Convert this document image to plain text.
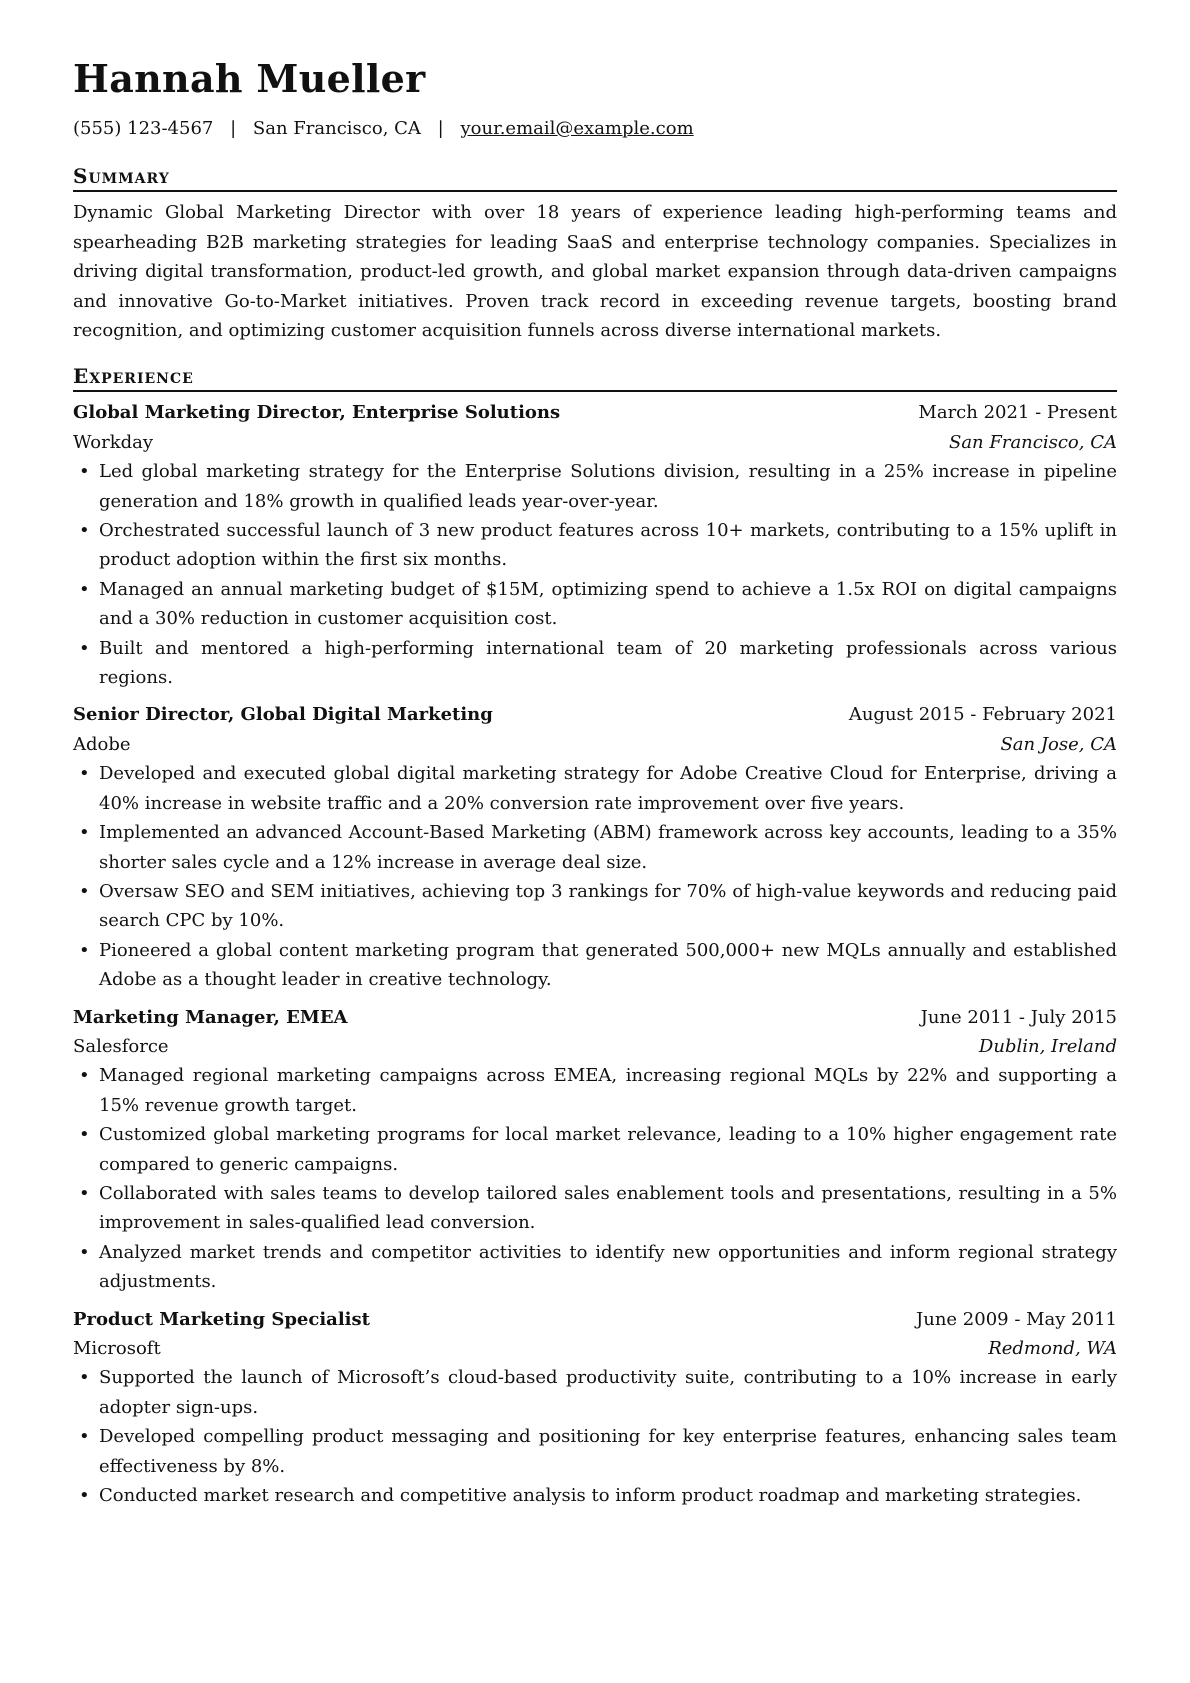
Hannah Mueller
(555) 123-4567 | San Francisco, CA | your.email@example.com
Summary

Dynamic Global Marketing Director with over 18 years of experience leading high-performing teams and spearheading B2B marketing strategies for leading SaaS and enterprise technology companies. Specializes in driving digital transformation, product-led growth, and global market expansion through data-driven campaigns and innovative Go-to-Market initiatives. Proven track record in exceeding revenue targets, boosting brand recognition, and optimizing customer acquisition funnels across diverse international markets.

Experience
Global Marketing Director, Enterprise Solutions	March 2021 - Present
Workday	San Francisco, CA
• Led global marketing strategy for the Enterprise Solutions division, resulting in a 25% increase in pipeline generation and 18% growth in qualified leads year-over-year.
• Orchestrated successful launch of 3 new product features across 10+ markets, contributing to a 15% uplift in product adoption within the first six months.
• Managed an annual marketing budget of $15M, optimizing spend to achieve a 1.5x ROI on digital campaigns and a 30% reduction in customer acquisition cost.
• Built and mentored a high-performing international team of 20 marketing professionals across various regions.
Senior Director, Global Digital Marketing	August 2015 - February 2021
Adobe	San Jose, CA
• Developed and executed global digital marketing strategy for Adobe Creative Cloud for Enterprise, driving a 40% increase in website traffic and a 20% conversion rate improvement over five years.
• Implemented an advanced Account-Based Marketing (ABM) framework across key accounts, leading to a 35% shorter sales cycle and a 12% increase in average deal size.
• Oversaw SEO and SEM initiatives, achieving top 3 rankings for 70% of high-value keywords and reducing paid search CPC by 10%.
• Pioneered a global content marketing program that generated 500,000+ new MQLs annually and established Adobe as a thought leader in creative technology.
Marketing Manager, EMEA	June 2011 - July 2015
Salesforce	Dublin, Ireland
• Managed regional marketing campaigns across EMEA, increasing regional MQLs by 22% and supporting a 15% revenue growth target.
• Customized global marketing programs for local market relevance, leading to a 10% higher engagement rate compared to generic campaigns.
• Collaborated with sales teams to develop tailored sales enablement tools and presentations, resulting in a 5% improvement in sales-qualified lead conversion.
• Analyzed market trends and competitor activities to identify new opportunities and inform regional strategy adjustments.
Product Marketing Specialist	June 2009 - May 2011
Microsoft	Redmond, WA
• Supported the launch of Microsoft’s cloud-based productivity suite, contributing to a 10% increase in early adopter sign-ups.
• Developed compelling product messaging and positioning for key enterprise features, enhancing sales team effectiveness by 8%.
• Conducted market research and competitive analysis to inform product roadmap and marketing strategies.
